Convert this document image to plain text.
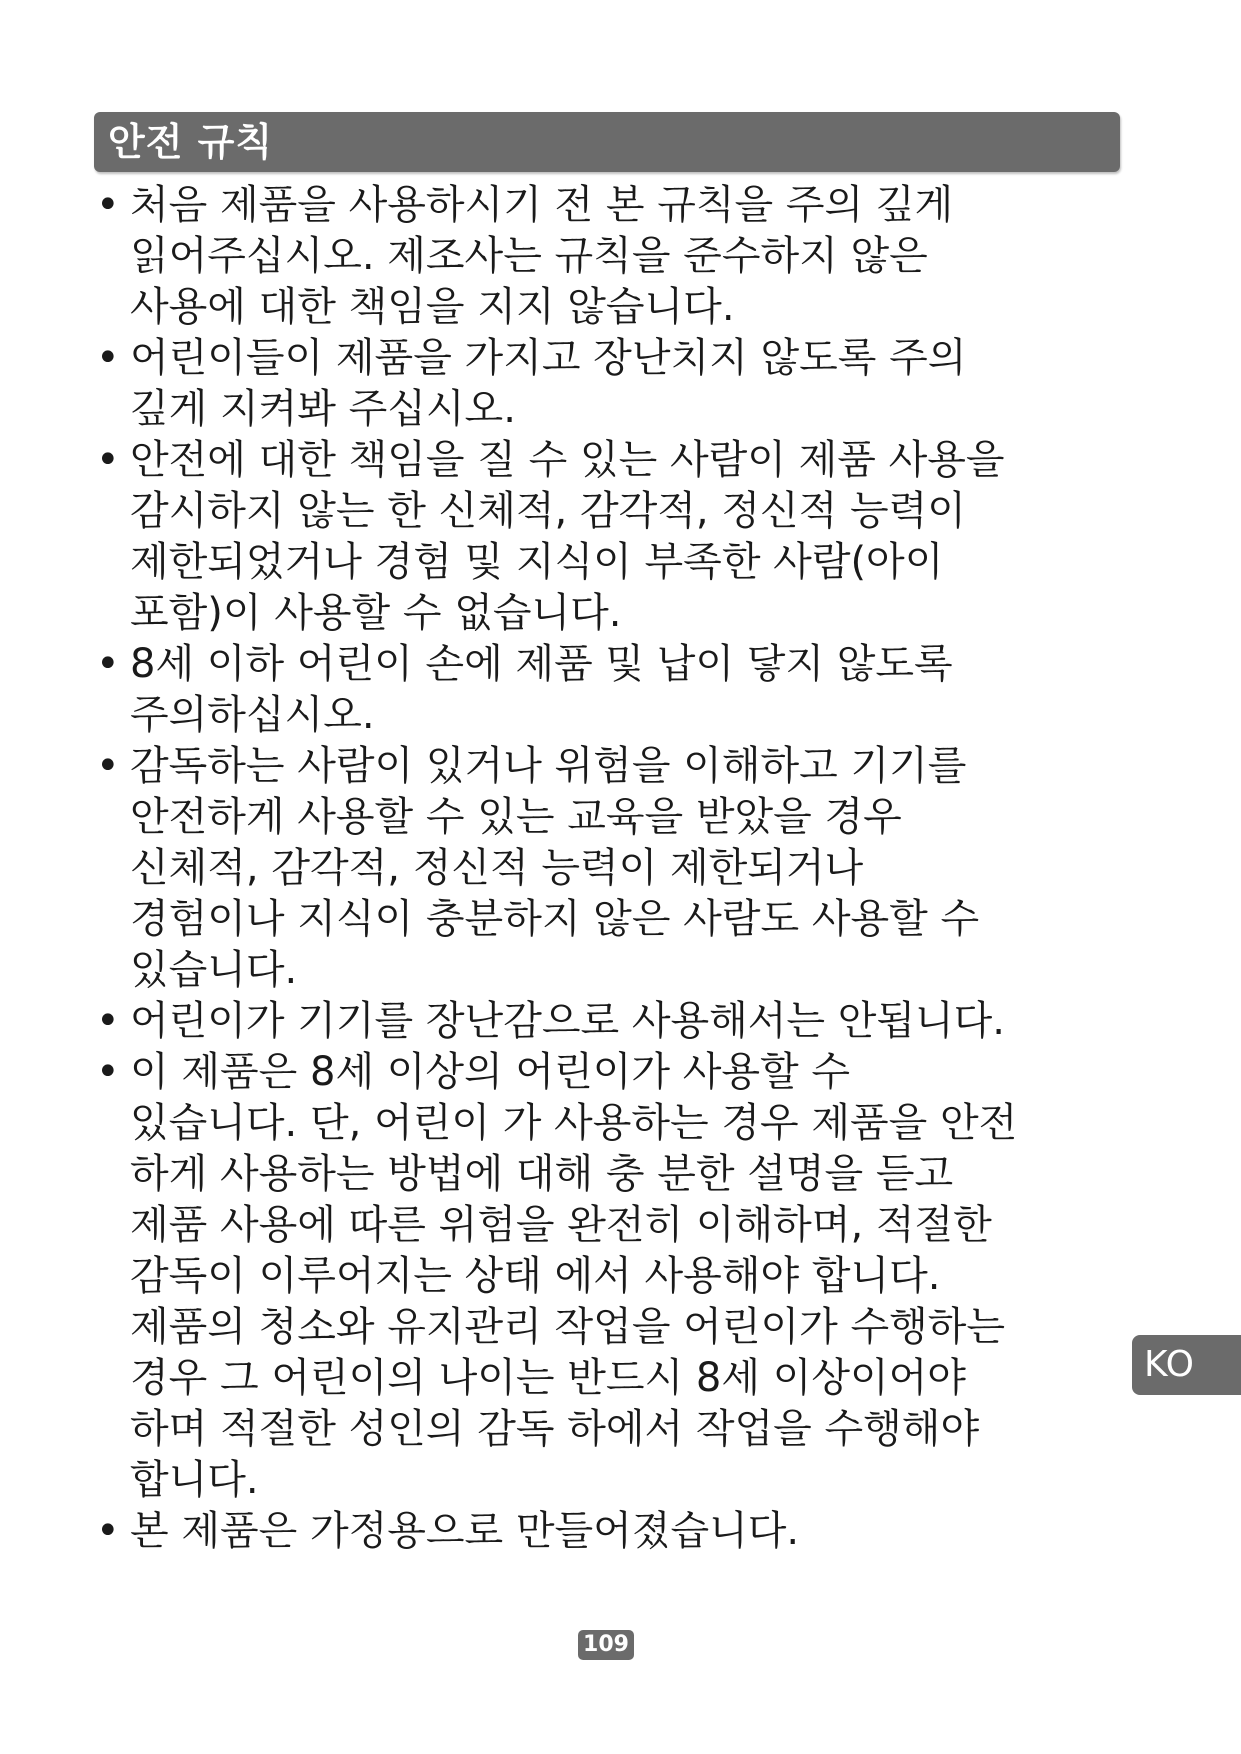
안전 규칙
• 처음 제품을 사용하시기 전 본 규칙을 주의 깊게
읽어주십시오. 제조사는 규칙을 준수하지 않은
사용에 대한 책임을 지지 않습니다.
• 어린이들이 제품을 가지고 장난치지 않도록 주의
깊게 지켜봐 주십시오.
• 안전에 대한 책임을 질 수 있는 사람이 제품 사용을
감시하지 않는 한 신체적, 감각적, 정신적 능력이
제한되었거나 경험 및 지식이 부족한 사람(아이
포함)이 사용할 수 없습니다.
• 8세 이하 어린이 손에 제품 및 납이 닿지 않도록
주의하십시오.
• 감독하는 사람이 있거나 위험을 이해하고 기기를
안전하게 사용할 수 있는 교육을 받았을 경우
신체적, 감각적, 정신적 능력이 제한되거나
경험이나 지식이 충분하지 않은 사람도 사용할 수
있습니다.
• 어린이가 기기를 장난감으로 사용해서는 안됩니다.
• 이 제품은 8세 이상의 어린이가 사용할 수
있습니다. 단, 어린이 가 사용하는 경우 제품을 안전
하게 사용하는 방법에 대해 충 분한 설명을 듣고
제품 사용에 따른 위험을 완전히 이해하며, 적절한
감독이 이루어지는 상태 에서 사용해야 합니다.
제품의 청소와 유지관리 작업을 어린이가 수행하는
경우 그 어린이의 나이는 반드시 8세 이상이어야
하며 적절한 성인의 감독 하에서 작업을 수행해야
합니다.
• 본 제품은 가정용으로 만들어졌습니다.
KO
109
